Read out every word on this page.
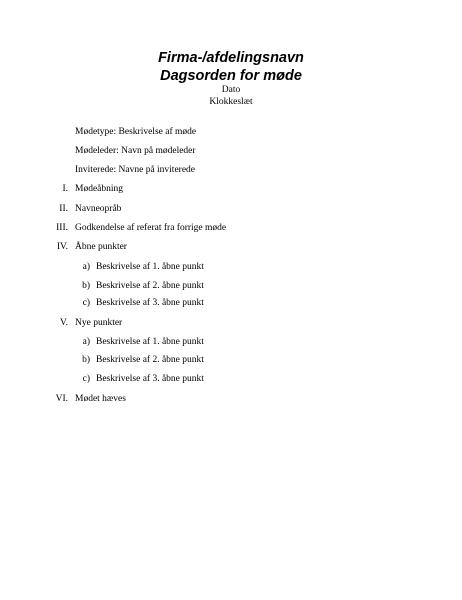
Firma-/afdelingsnavn
Dagsorden for møde
Dato
Klokkeslæt
Mødetype: Beskrivelse af møde
Mødeleder: Navn på mødeleder
Inviterede: Navne på inviterede
I. Mødeåbning
II. Navneopråb
III. Godkendelse af referat fra forrige møde
IV. Åbne punkter
a) Beskrivelse af 1. åbne punkt
b) Beskrivelse af 2. åbne punkt
c) Beskrivelse af 3. åbne punkt
V. Nye punkter
a) Beskrivelse af 1. åbne punkt
b) Beskrivelse af 2. åbne punkt
c) Beskrivelse af 3. åbne punkt
VI. Mødet hæves
